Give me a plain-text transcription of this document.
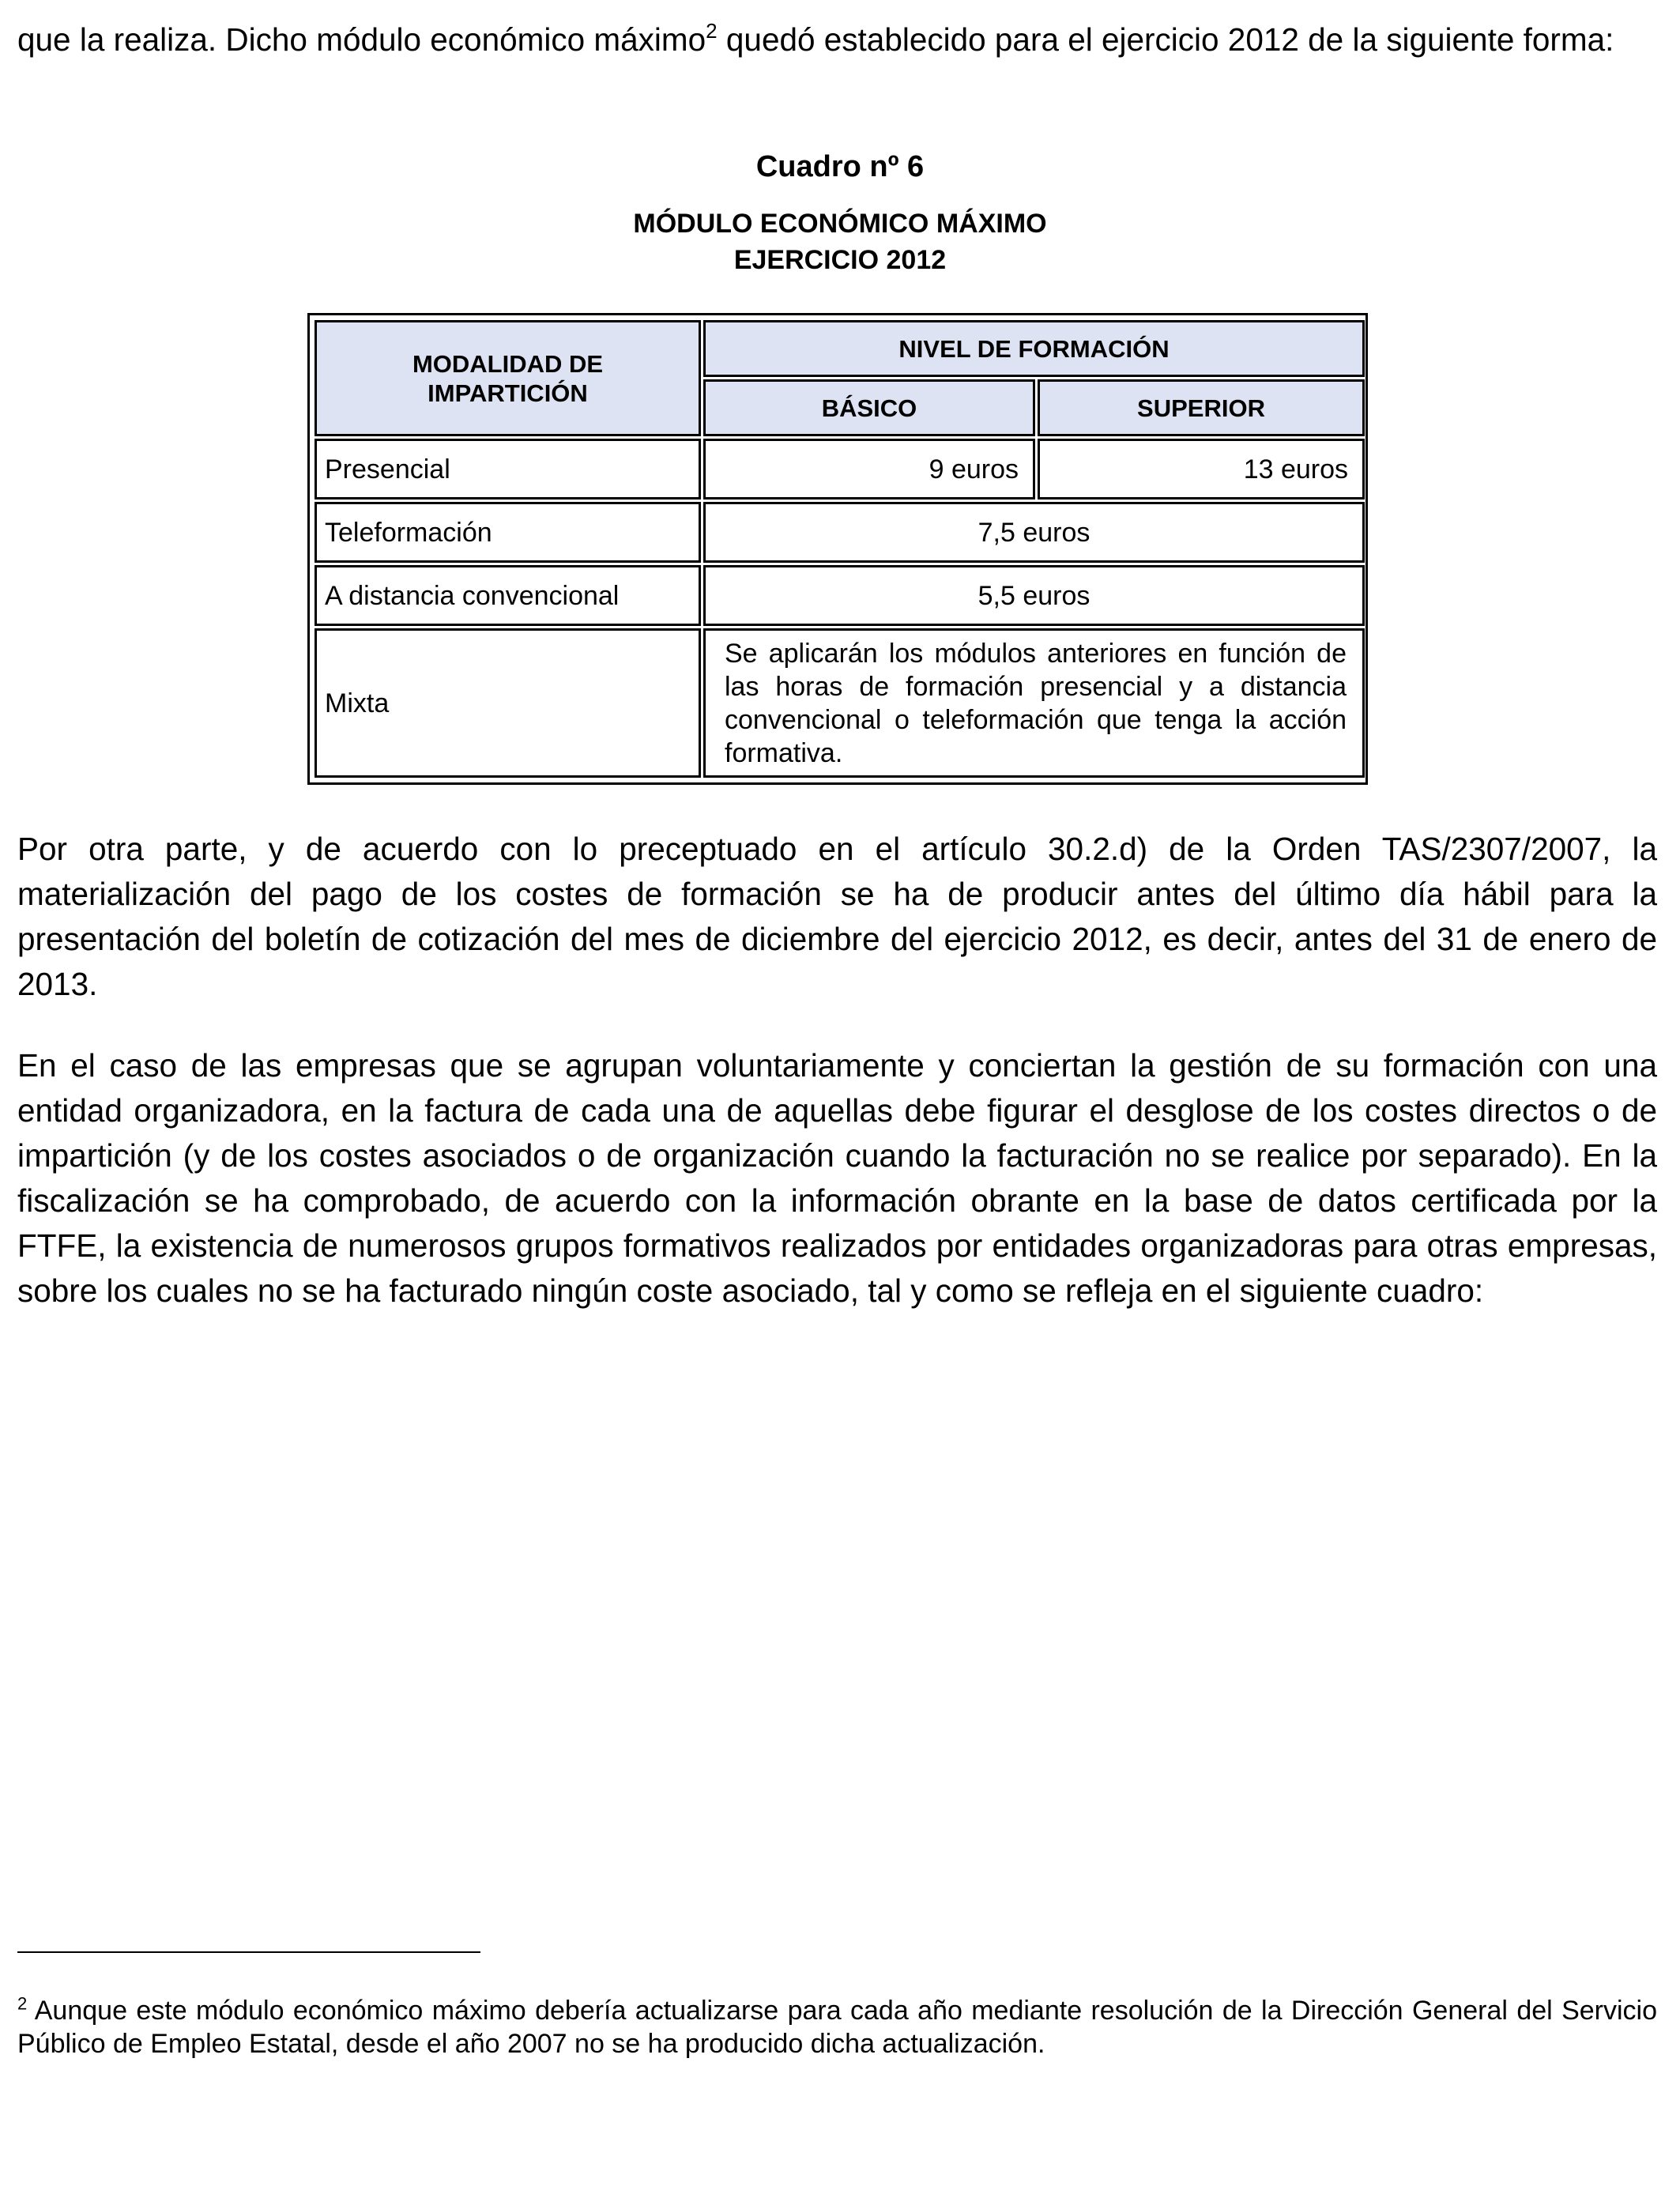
que la realiza. Dicho módulo económico máximo$^2$ quedó establecido para el ejercicio 2012 de la siguiente forma:

Cuadro nº 6

MÓDULO ECONÓMICO MÁXIMO

EJERCICIO 2012

MODALIDAD DE IMPARTICIÓN	NIVEL DE FORMACIÓN	
	BÁSICO	SUPERIOR
Presencial	9 euros	13 euros
Teleformación	7,5 euros	
A distancia convencional	5,5 euros	
Mixta	Se aplicarán los módulos anteriores en función de las horas de formación presencial y a distancia convencional o teleformación que tenga la acción formativa.	

Por otra parte, y de acuerdo con lo preceptuado en el artículo 30.2.d) de la Orden TAS/2307/2007, la materialización del pago de los costes de formación se ha de producir antes del último día hábil para la presentación del boletín de cotización del mes de diciembre del ejercicio 2012, es decir, antes del 31 de enero de 2013.

En el caso de las empresas que se agrupan voluntariamente y conciertan la gestión de su formación con una entidad organizadora, en la factura de cada una de aquellas debe figurar el desglose de los costes directos o de impartición (y de los costes asociados o de organización cuando la facturación no se realice por separado). En la fiscalización se ha comprobado, de acuerdo con la información obrante en la base de datos certificada por la FTFE, la existencia de numerosos grupos formativos realizados por entidades organizadoras para otras empresas, sobre los cuales no se ha facturado ningún coste asociado, tal y como se refleja en el siguiente cuadro:

$^2$ Aunque este módulo económico máximo debería actualizarse para cada año mediante resolución de la Dirección General del Servicio Público de Empleo Estatal, desde el año 2007 no se ha producido dicha actualización.
